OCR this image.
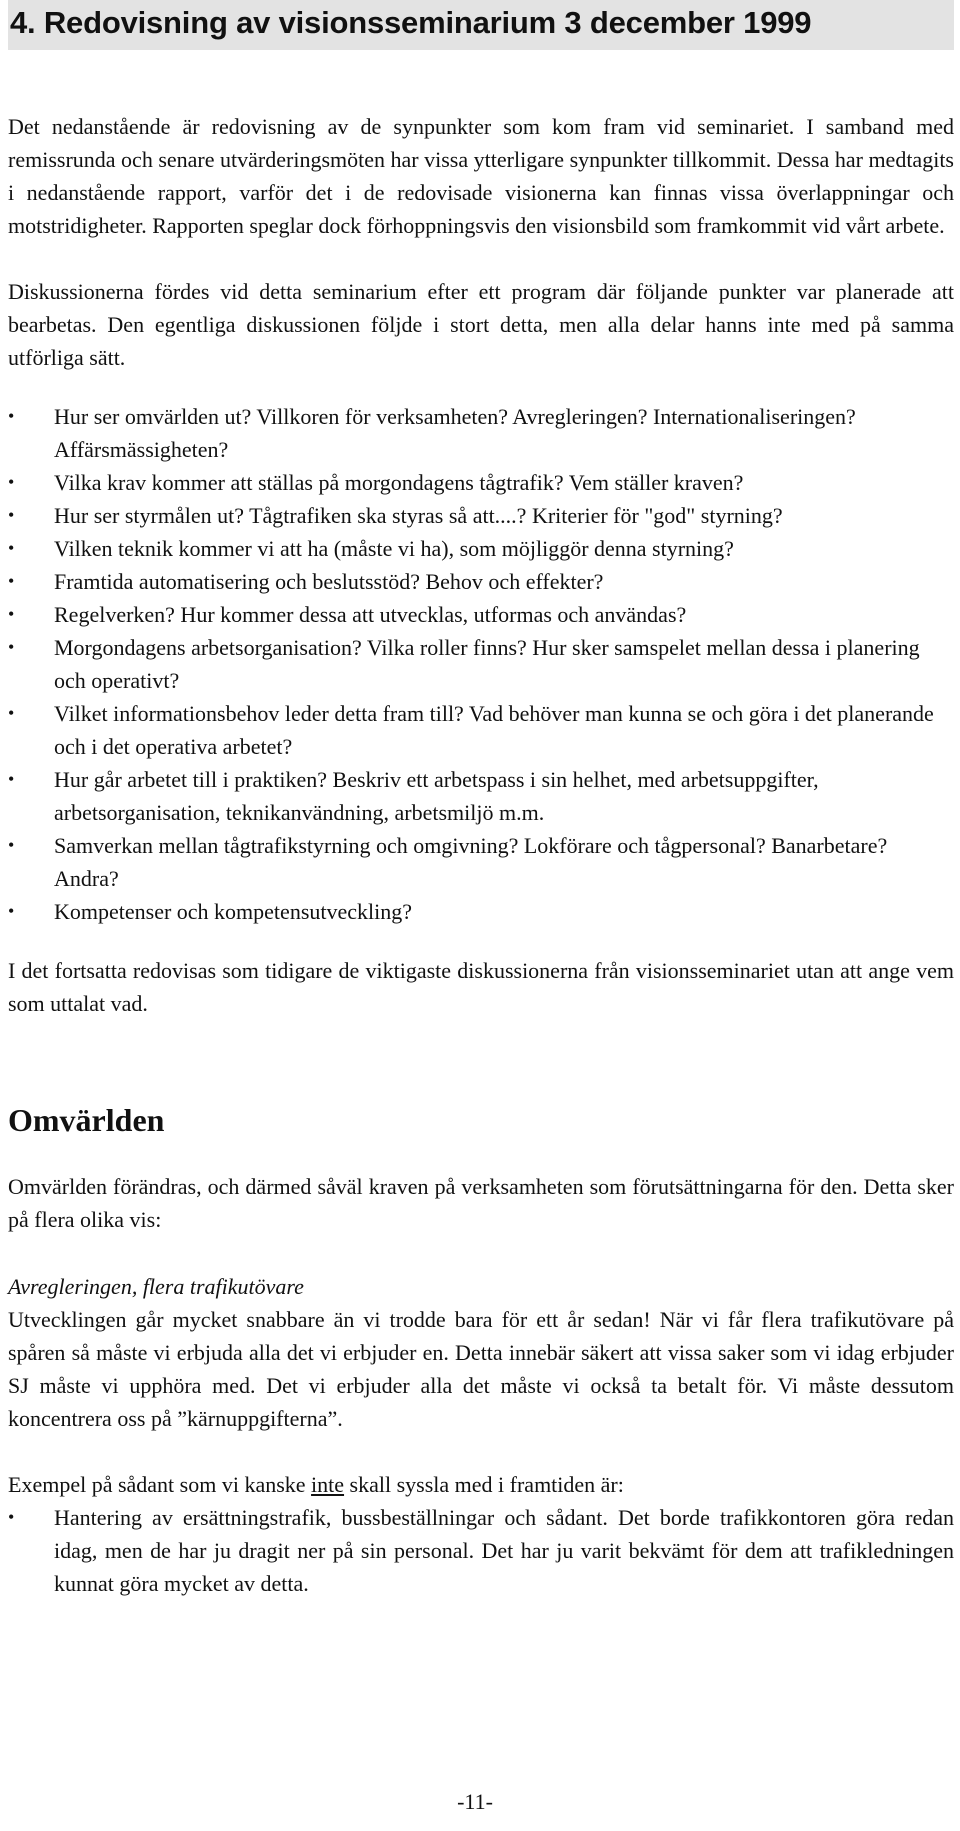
4. Redovisning av visionsseminarium 3 december 1999

Det nedanstående är redovisning av de synpunkter som kom fram vid seminariet. I samband med remissrunda och senare utvärderingsmöten har vissa ytterligare synpunkter tillkommit. Dessa har medtagits i nedanstående rapport, varför det i de redovisade visionerna kan finnas vissa överlappningar och motstridigheter. Rapporten speglar dock förhoppningsvis den visionsbild som framkommit vid vårt arbete.

Diskussionerna fördes vid detta seminarium efter ett program där följande punkter var planerade att bearbetas. Den egentliga diskussionen följde i stort detta, men alla delar hanns inte med på samma utförliga sätt.

•	Hur ser omvärlden ut? Villkoren för verksamheten? Avregleringen? Internationaliseringen? Affärsmässigheten?
•	Vilka krav kommer att ställas på morgondagens tågtrafik? Vem ställer kraven?
•	Hur ser styrmålen ut? Tågtrafiken ska styras så att....? Kriterier för "god" styrning?
•	Vilken teknik kommer vi att ha (måste vi ha), som möjliggör denna styrning?
•	Framtida automatisering och beslutsstöd? Behov och effekter?
•	Regelverken? Hur kommer dessa att utvecklas, utformas och användas?
•	Morgondagens arbetsorganisation? Vilka roller finns? Hur sker samspelet mellan dessa i planering och operativt?
•	Vilket informationsbehov leder detta fram till? Vad behöver man kunna se och göra i det planerande och i det operativa arbetet?
•	Hur går arbetet till i praktiken? Beskriv ett arbetspass i sin helhet, med arbetsuppgifter, arbetsorganisation, teknikanvändning, arbetsmiljö m.m.
•	Samverkan mellan tågtrafikstyrning och omgivning? Lokförare och tågpersonal? Banarbetare? Andra?
•	Kompetenser och kompetensutveckling?

I det fortsatta redovisas som tidigare de viktigaste diskussionerna från visionsseminariet utan att ange vem som uttalat vad.

Omvärlden

Omvärlden förändras, och därmed såväl kraven på verksamheten som förutsättningarna för den. Detta sker på flera olika vis:

Avregleringen, flera trafikutövare

Utvecklingen går mycket snabbare än vi trodde bara för ett år sedan! När vi får flera trafikutövare på spåren så måste vi erbjuda alla det vi erbjuder en. Detta innebär säkert att vissa saker som vi idag erbjuder SJ måste vi upphöra med. Det vi erbjuder alla det måste vi också ta betalt för. Vi måste dessutom koncentrera oss på ”kärnuppgifterna”.

Exempel på sådant som vi kanske inte skall syssla med i framtiden är:

•	Hantering av ersättningstrafik, bussbeställningar och sådant. Det borde trafikkontoren göra redan idag, men de har ju dragit ner på sin personal. Det har ju varit bekvämt för dem att trafikledningen kunnat göra mycket av detta.
-11-
